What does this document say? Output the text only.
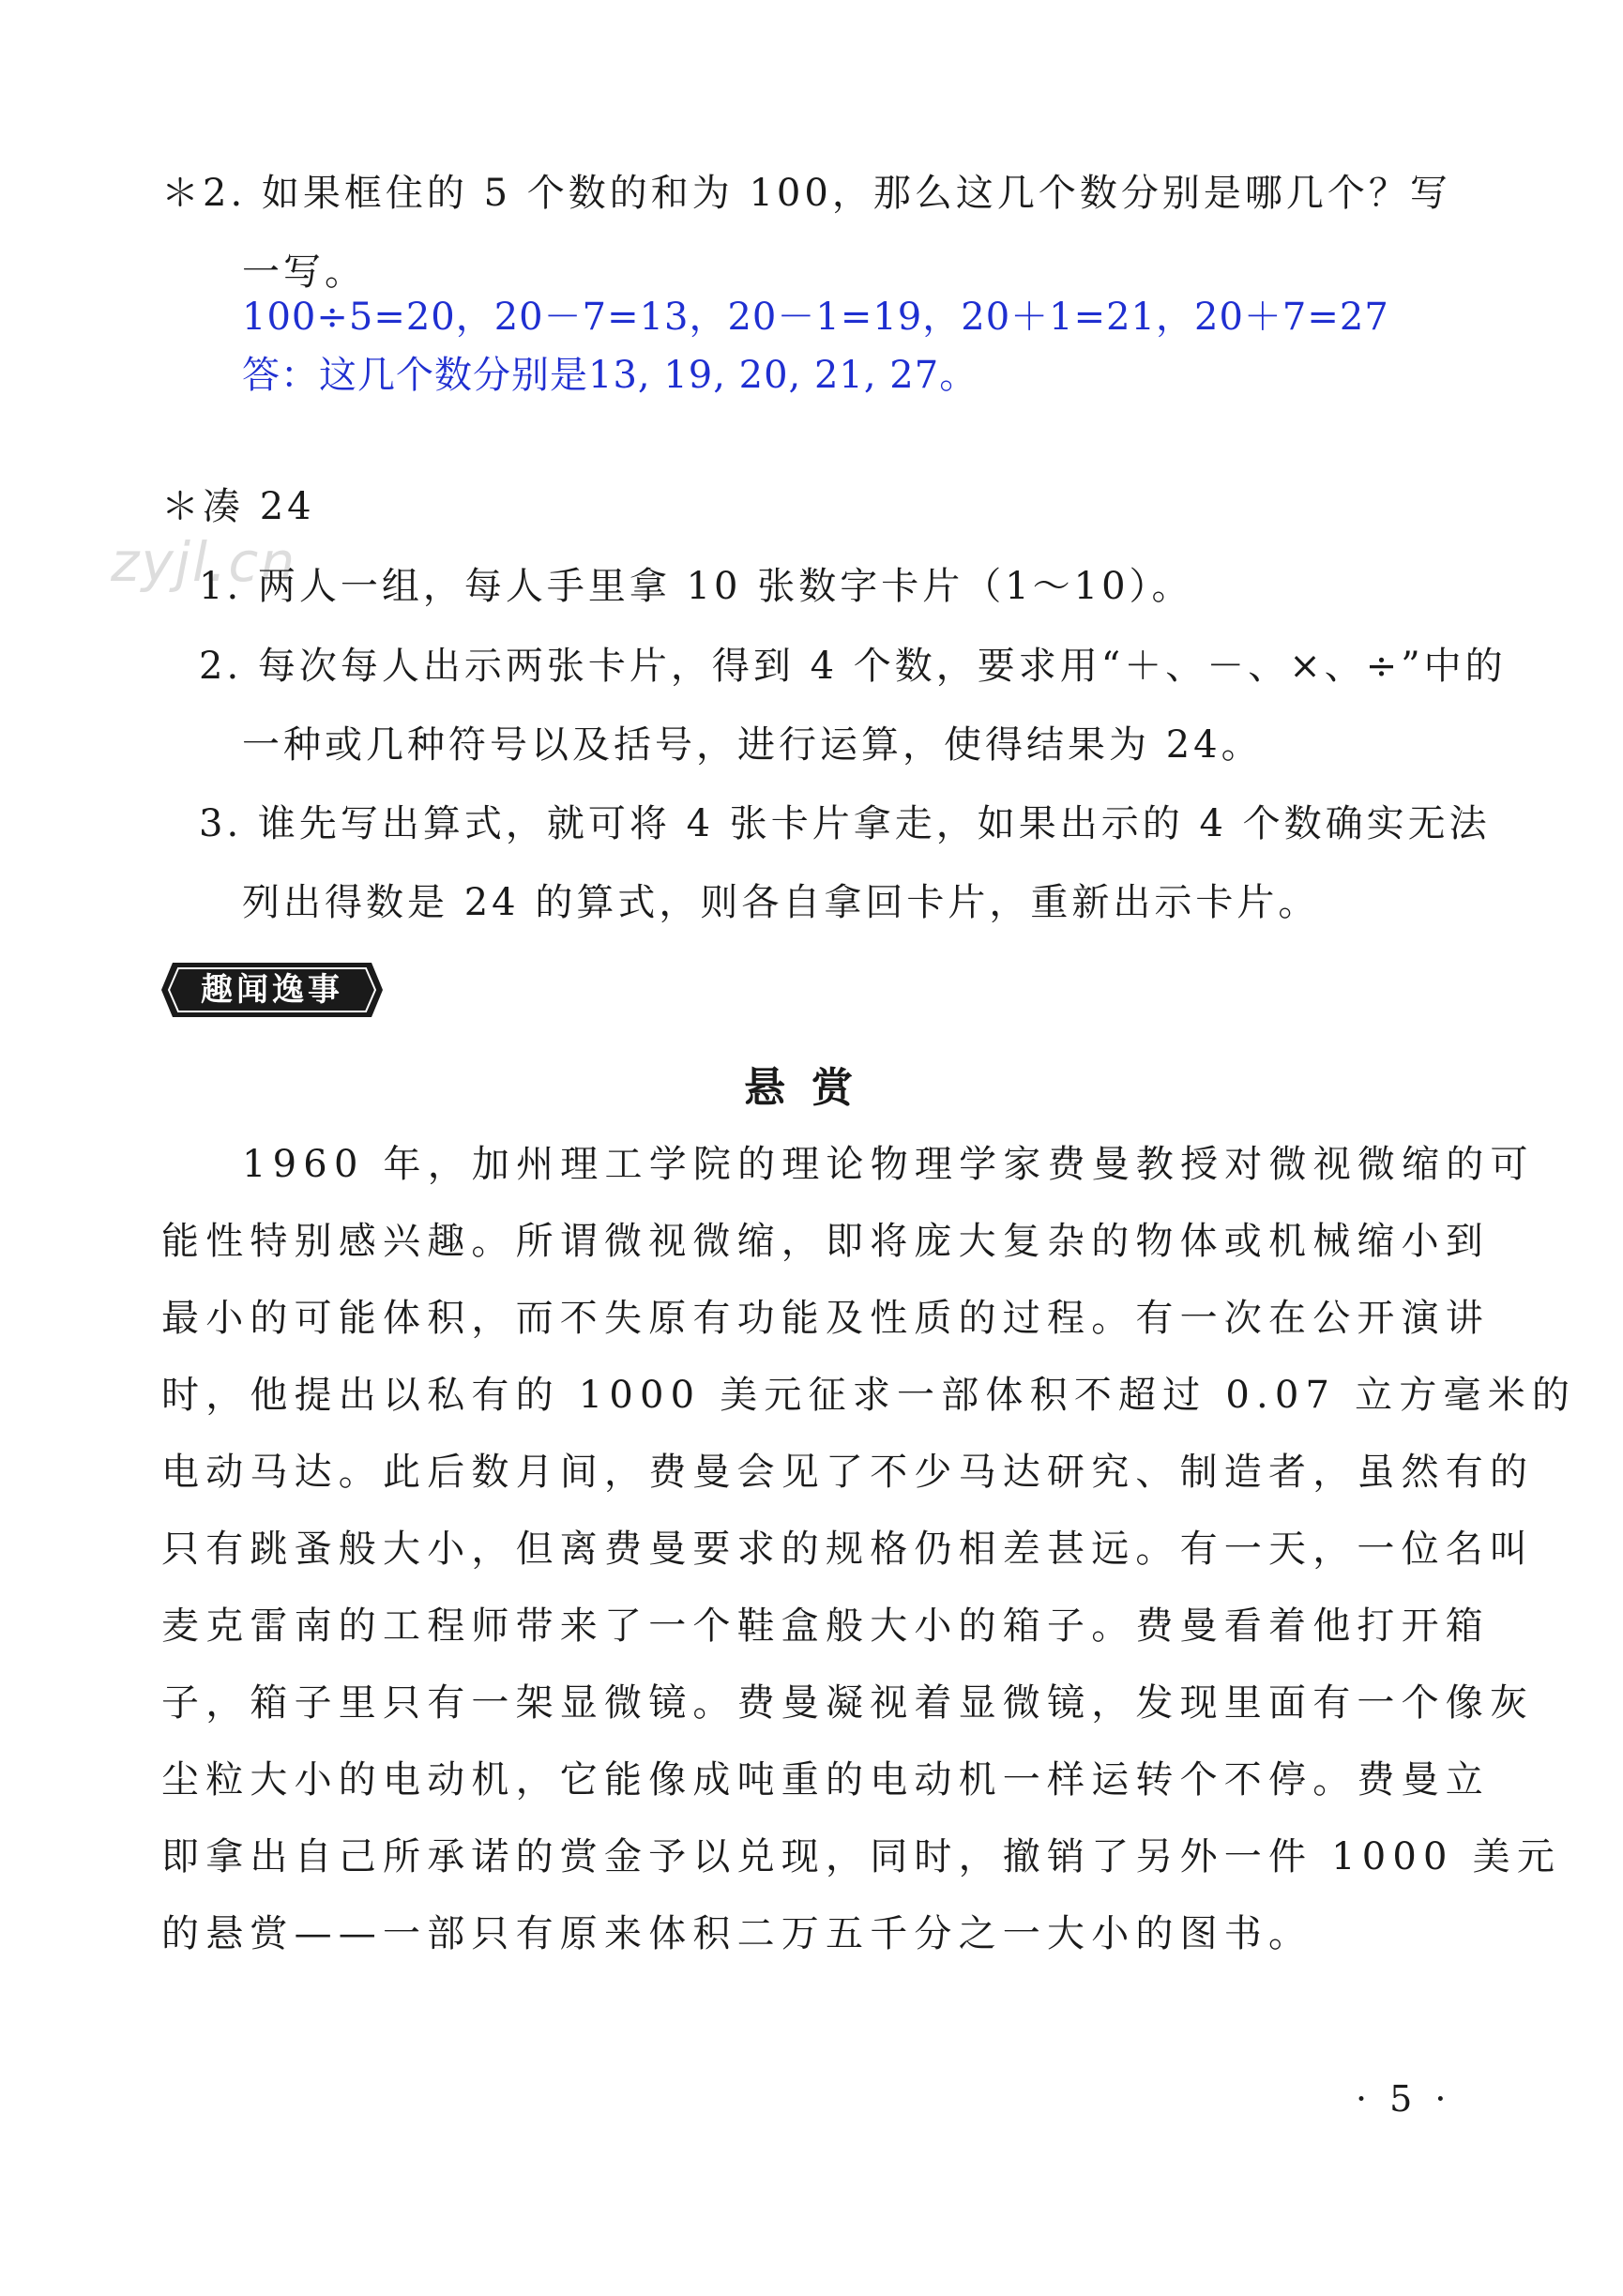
＊2. 如果框住的 5 个数的和为 100，那么这几个数分别是哪几个？写
一写。
100÷5=20，20－7=13，20－1=19，20＋1=21，20＋7=27
答：这几个数分别是13, 19, 20, 21, 27。
＊凑 24
zyjl.cn
1. 两人一组，每人手里拿 10 张数字卡片（1～10）。
2. 每次每人出示两张卡片，得到 4 个数，要求用“＋、－、×、÷”中的
一种或几种符号以及括号，进行运算，使得结果为 24。
3. 谁先写出算式，就可将 4 张卡片拿走，如果出示的 4 个数确实无法
列出得数是 24 的算式，则各自拿回卡片，重新出示卡片。
趣闻逸事
悬赏
1960 年，加州理工学院的理论物理学家费曼教授对微视微缩的可
能性特别感兴趣。所谓微视微缩，即将庞大复杂的物体或机械缩小到
最小的可能体积，而不失原有功能及性质的过程。有一次在公开演讲
时，他提出以私有的 1000 美元征求一部体积不超过 0.07 立方毫米的
电动马达。此后数月间，费曼会见了不少马达研究、制造者，虽然有的
只有跳蚤般大小，但离费曼要求的规格仍相差甚远。有一天，一位名叫
麦克雷南的工程师带来了一个鞋盒般大小的箱子。费曼看着他打开箱
子，箱子里只有一架显微镜。费曼凝视着显微镜，发现里面有一个像灰
尘粒大小的电动机，它能像成吨重的电动机一样运转个不停。费曼立
即拿出自己所承诺的赏金予以兑现，同时，撤销了另外一件 1000 美元
的悬赏——一部只有原来体积二万五千分之一大小的图书。
· 5 ·
